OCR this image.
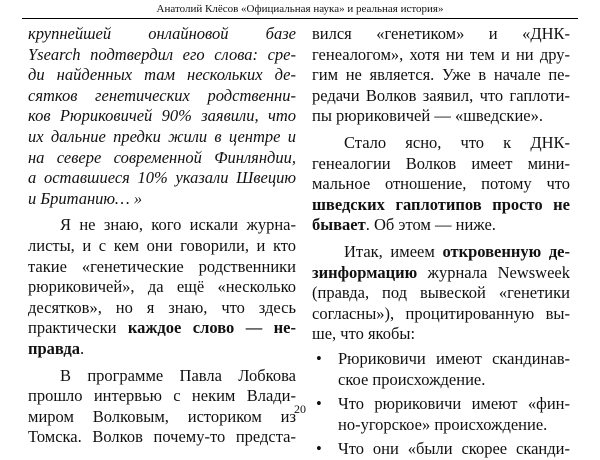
Анатолий Клёсов «Официальная наука» и реальная история»
крупнейшей онлайновой базе
Ysearch подтвердил его слова: сре-
ди найденных там нескольких де-
сятков генетических родственни-
ков Рюриковичей 90% заявили, что
их дальние предки жили в центре и
на севере современной Финляндии,
а оставшиеся 10% указали Швецию
и Британию… »
Я не знаю, кого искали журна-
листы, и с кем они говорили, и кто
такие «генетические родственники
рюриковичей», да ещё «несколько
десятков», но я знаю, что здесь
практически каждое слово — не-
правда.
В программе Павла Лобкова
прошло интервью с неким Влади-
миром Волковым, историком из
Томска. Волков почему-то предста-
вился «генетиком» и «ДНК-
генеалогом», хотя ни тем и ни дру-
гим не является. Уже в начале пе-
редачи Волков заявил, что гаплоти-
пы рюриковичей — «шведские».
Стало ясно, что к ДНК-
генеалогии Волков имеет мини-
мальное отношение, потому что
шведских гаплотипов просто не
бывает. Об этом — ниже.
Итак, имеем откровенную де-
зинформацию журнала Newsweek
(правда, под вывеской «генетики
согласны»), процитированную вы-
ше, что якобы:
• Рюриковичи имеют скандинав-
ское происхождение.
• Что рюриковичи имеют «фин-
но-угорское» происхождение.
• Что они «были скорее сканди-
20
